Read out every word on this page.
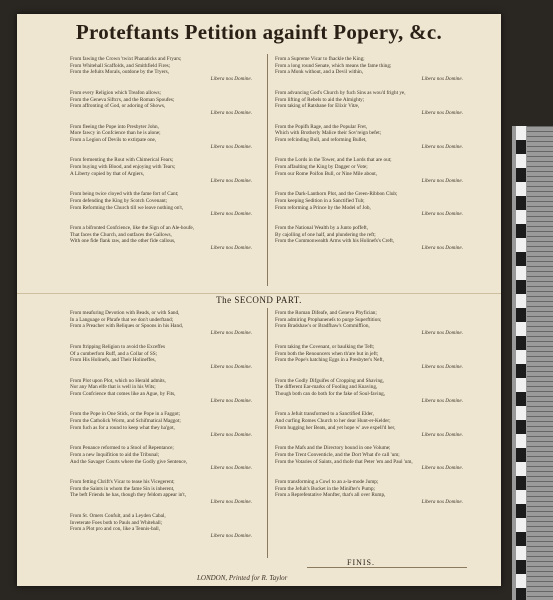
Proteftants Petition againft Popery, &c.
From fawing the Crown 'twixt Phanaticks and Fryars;
From Whitehall Scaffolds, and Smithfield Fires;
From the Jefuits Morals, outdone by the Tryers,
Libera nos Domine.
From every Religion which Treafon allows;
From the Geneva Siftcrs, and the Roman Spoufes;
From affronting of God, or adoring of Shows,
Libera nos Domine.
From fleeing the Pope into Presbyter John,
More fawcy in Confcience than he is alone;
From a Legion of Devils to extirpate one,
Libera nos Domine.
From fermenting the Rout with Chimerical Fears;
From buying with Blood, and enjoying with Tears;
A Liberty copied by that of Argiers,
Libera nos Domine.
From being twice cloyed with the fame fort of Cant;
From defending the King by Scotch Covenant;
From Reforming the Church till we leave nothing on't,
Libera nos Domine.
From a bifronted Confcience, like the Sign of an Ale-houfe,
That faces the Church, and outfaces the Gallows,
With one fide flank raw, and the other fide callous,
Libera nos Domine.
From a Supreme Vicar to fhackle the King;
From a long round Senate, which means the fame thing;
From a Monk without, and a Devil within,
Libera nos Domine.
From advancing God's Church by fuch Sins as wou'd fright ye,
From lifting of Rebels to aid the Almighty;
From taking of Ratsbane for Elixir Vitæ,
Libera nos Domine.
From the Popifh Rage, and the Popular Fret,
Which with Brotherly Malice their Sov'reign befet;
From refcinding Bull, and reforming Bullet,
Libera nos Domine.
From the Lords in the Tower, and the Lords that are out;
From affaulting the King by Dagger or Vote;
From our Rome Poifon Bull, or Nine Mile about,
Libera nos Domine.
From the Dark-Lanthorn Plot, and the Green-Ribbon Club;
From keeping Sedition in a Sanctified Tub;
From reforming a Prince by the Model of Job,
Libera nos Domine.
From the National Wealth by a Junto poffeft,
By cajolling of one half, and plundering the reft;
From the Commonwealth Arms with his Holinefs's Creft,
Libera nos Domine.
The SECOND PART.
From meafuring Devotion with Beads, or with Sand,
In a Language or Phrafe that we don't underftand;
From a Preacher with Reliques or Spoons in his Hand,
Libera nos Domine.
From ftripping Religion to avoid the Exceffes
Of a cumberfom Ruff, and a Collar of SS;
From His Holinefs, and Their Holineffes,
Libera nos Domine.
From Plot upon Plot, which no Herald admits,
Nor any Man elfe that is well in his Wits;
From Confcience that comes like an Ague, by Fits,
Libera nos Domine.
From the Pope in One Stick, or the Pope in a Faggot;
From the Catholick Worm, and Schifmatical Maggot;
From fuch as for a round to keep what they ha'got,
Libera nos Domine.
From Penance reformed to a Stool of Repentance;
From a new Inquifition to aid the Tribunal;
And the Savager Courts where the Godly give Sentence,
Libera nos Domine.
From fetting Chrift's Vicar to tease his Vicegerent;
From the Saints in whom the fame Sin is inherent,
The beft Friends he has, though they feldom appear in't,
Libera nos Domine.
From St. Omers Confult, and a Leyden Cabal,
Inveterate Foes both to Pauls and Whitehall;
From a Plot pro and con, like a Tennis-ball,
Libera nos Domine.
From the Roman Difeafe, and Geneva Phyfician;
From admiring Prophaneneſs to purge Superftition;
From Bradshaw's or Bradfhaw's Commiffion,
Libera nos Domine.
From taking the Covenant, or baulking the Teft;
From both the Renouncers when th'are but in jeft;
From the Pope's hatching Eggs in a Presbyter's Neft,
Libera nos Domine.
From the Godly Difguifes of Cropping and Shaving,
The different Ear-marks of Fooling and Knaving,
Though both can do both for the fake of Soul-faving,
Libera nos Domine.
From a Jefuit transformed to a Sanctified Elder,
And curfing Romes Church to her dear Hunt-er-Kelder;
From hugging her Beats, and yet hope w' ave expell'd her,
Libera nos Domine.
From the Mafs and the Directory bound in one Volume;
From the Trent Conventicle, and the Dort What d'e call 'um;
From the Votaries of Saints, and thofe that Peter 'em and Paul 'um,
Libera nos Domine.
From transforming a Cowl to an a-la-mode Jump;
From the Jefuit's Bucket in the Minifter's Pump;
From a Reprefentative Monfter, that's all over Rump,
Libera nos Domine.
FINIS.
LONDON, Printed for R. Taylor
